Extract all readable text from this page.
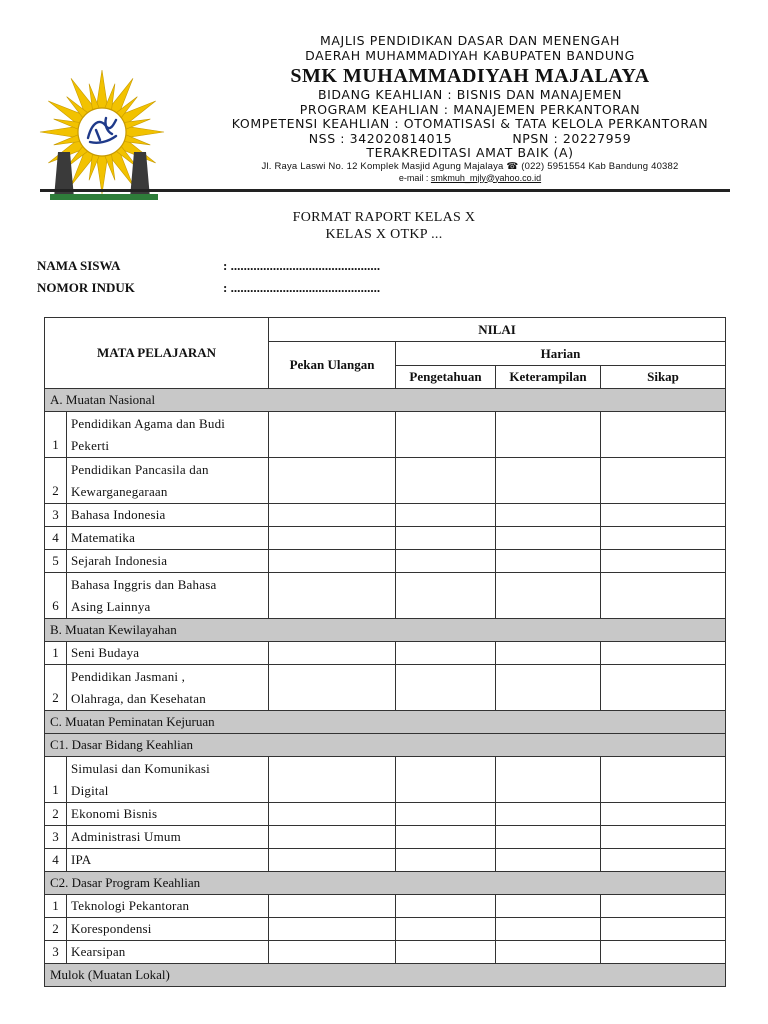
MAJLIS PENDIDIKAN DASAR DAN MENENGAH
DAERAH MUHAMMADIYAH KABUPATEN BANDUNG
SMK MUHAMMADIYAH MAJALAYA
BIDANG KEAHLIAN : BISNIS DAN MANAJEMEN
PROGRAM KEAHLIAN : MANAJEMEN PERKANTORAN
KOMPETENSI KEAHLIAN : OTOMATISASI & TATA KELOLA PERKANTORAN
NSS : 342020814015	NPSN : 20227959
TERAKREDITASI AMAT BAIK (A)
Jl. Raya Laswi No. 12 Komplek Masjid Agung Majalaya ☎ (022) 5951554 Kab Bandung 40382
e-mail : smkmuh_mjly@yahoo.co.id
FORMAT RAPORT KELAS X
KELAS X OTKP ...
NAMA SISWA	: ..............................................
NOMOR INDUK	: ..............................................
MATA PELAJARAN		NILAI			
		Pekan Ulangan	Harian		
			Pengetahuan	Keterampilan	Sikap
A. Muatan Nasional					
1	Pendidikan Agama dan Budi
Pekerti				

2	Pendidikan Pancasila dan
Kewarganegaraan				

3	Bahasa Indonesia				

4	Matematika				

5	Sejarah Indonesia				

6	Bahasa Inggris dan Bahasa
Asing Lainnya				

B. Muatan Kewilayahan					
1	Seni Budaya				

2	Pendidikan Jasmani ,
Olahraga, dan Kesehatan				

C. Muatan Peminatan Kejuruan					
C1. Dasar Bidang Keahlian					
1	Simulasi dan Komunikasi
Digital				

2	Ekonomi Bisnis				

3	Administrasi Umum				

4	IPA				

C2. Dasar Program Keahlian					
1	Teknologi Pekantoran				

2	Korespondensi				

3	Kearsipan				

Mulok (Muatan Lokal)					
